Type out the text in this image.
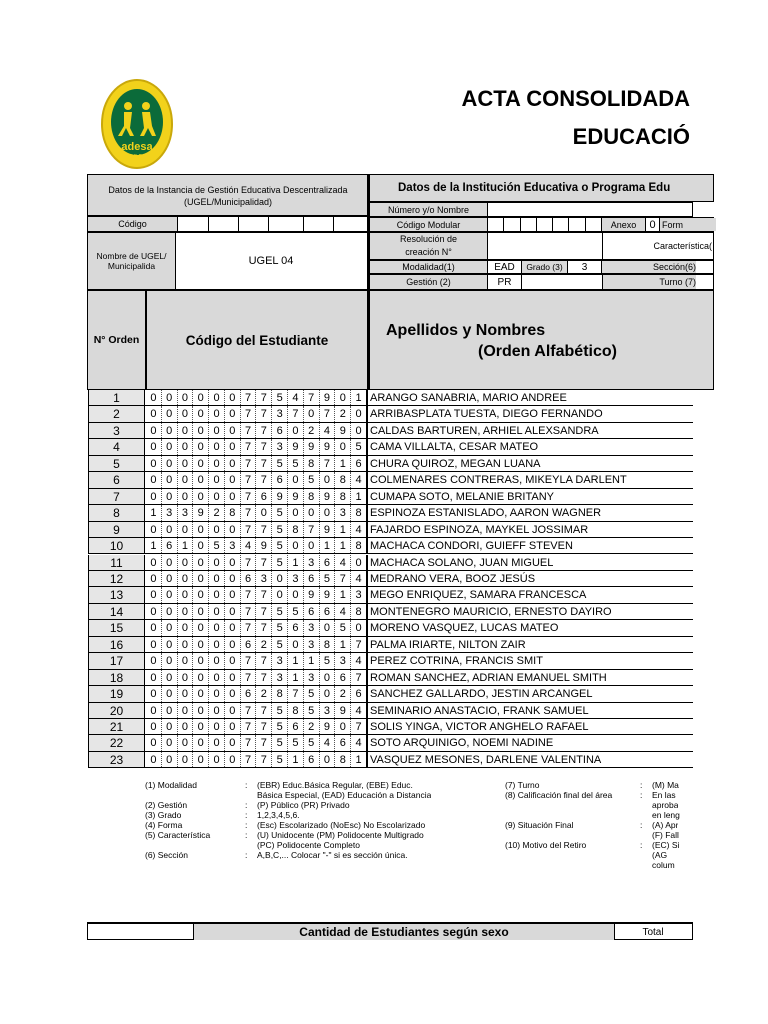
adesa
I.E.P.
ACTA CONSOLIDADA
EDUCACIÓ
Datos de la Instancia de Gestión Educativa Descentralizada (UGEL/Municipalidad)
Código
Nombre de UGEL/ Municipalida	UGEL 04
Datos de la Institución Educativa o Programa Edu
Número y/o Nombre
Código Modular	Anexo	0 Form
Resolución de creación N°
Característica(
Modalidad(1)	EAD	Grado (3)	3	Sección(6)
Gestión (2)	PR	Turno (7)
N° Orden	Código del Estudiante
Apellidos y Nombres
(Orden Alfabético)
1	0 0 0 0 0 0 7 7 5 4 7 9 0 1 ARANGO SANABRIA, MARIO ANDREE
2	0 0 0 0 0 0 7 7 3 7 0 7 2 0 ARRIBASPLATA TUESTA, DIEGO FERNANDO
3	0 0 0 0 0 0 7 7 6 0 2 4 9 0 CALDAS BARTUREN, ARHIEL ALEXSANDRA
4	0 0 0 0 0 0 7 7 3 9 9 9 0 5 CAMA VILLALTA, CESAR MATEO
5	0 0 0 0 0 0 7 7 5 5 8 7 1 6 CHURA QUIROZ, MEGAN LUANA
6	0 0 0 0 0 0 7 7 6 0 5 0 8 4 COLMENARES CONTRERAS, MIKEYLA DARLENT
7	0 0 0 0 0 0 7 6 9 9 8 9 8 1 CUMAPA SOTO, MELANIE BRITANY
8	1 3 3 9 2 8 7 0 5 0 0 0 3 8 ESPINOZA ESTANISLADO, AARON WAGNER
9	0 0 0 0 0 0 7 7 5 8 7 9 1 4 FAJARDO ESPINOZA, MAYKEL JOSSIMAR
10	1 6 1 0 5 3 4 9 5 0 0 1 1 8 MACHACA CONDORI, GUIEFF STEVEN
11	0 0 0 0 0 0 7 7 5 1 3 6 4 0 MACHACA SOLANO, JUAN MIGUEL
12	0 0 0 0 0 0 6 3 0 3 6 5 7 4 MEDRANO VERA, BOOZ JESÚS
13	0 0 0 0 0 0 7 7 0 0 9 9 1 3 MEGO ENRIQUEZ, SAMARA FRANCESCA
14	0 0 0 0 0 0 7 7 5 5 6 6 4 8 MONTENEGRO MAURICIO, ERNESTO DAYIRO
15	0 0 0 0 0 0 7 7 5 6 3 0 5 0 MORENO VASQUEZ, LUCAS MATEO
16	0 0 0 0 0 0 6 2 5 0 3 8 1 7 PALMA IRIARTE, NILTON ZAIR
17	0 0 0 0 0 0 7 7 3 1 1 5 3 4 PEREZ COTRINA, FRANCIS SMIT
18	0 0 0 0 0 0 7 7 3 1 3 0 6 7 ROMAN SANCHEZ, ADRIAN EMANUEL SMITH
19	0 0 0 0 0 0 6 2 8 7 5 0 2 6 SANCHEZ GALLARDO, JESTIN ARCANGEL
20	0 0 0 0 0 0 7 7 5 8 5 3 9 4 SEMINARIO ANASTACIO, FRANK SAMUEL
21	0 0 0 0 0 0 7 7 5 6 2 9 0 7 SOLIS YINGA, VICTOR ANGHELO RAFAEL
22	0 0 0 0 0 0 7 7 5 5 5 4 6 4 SOTO ARQUINIGO, NOEMI NADINE
23	0 0 0 0 0 0 7 7 5 1 6 0 8 1 VASQUEZ MESONES, DARLENE VALENTINA
(1) Modalidad	: (EBR) Educ.Básica Regular, (EBE) Educ.
Básica Especial, (EAD) Educación a Distancia
(2) Gestión	: (P) Público (PR) Privado
(3) Grado	: 1,2,3,4,5,6.
(4) Forma	: (Esc) Escolarizado (NoEsc) No Escolarizado
(5) Característica	: (U) Unidocente (PM) Polidocente Multigrado
(PC) Polidocente Completo
(6) Sección	: A,B,C,... Colocar "-" si es sección única.
(7) Turno	: (M) Ma
(8) Calificación final del área	: En las
aproba
en leng
(9) Situación Final	: (A) Apr
(F) Fall
(10) Motivo del Retiro	: (EC) Si
(AG
colum
Cantidad de Estudiantes según sexo	Total
